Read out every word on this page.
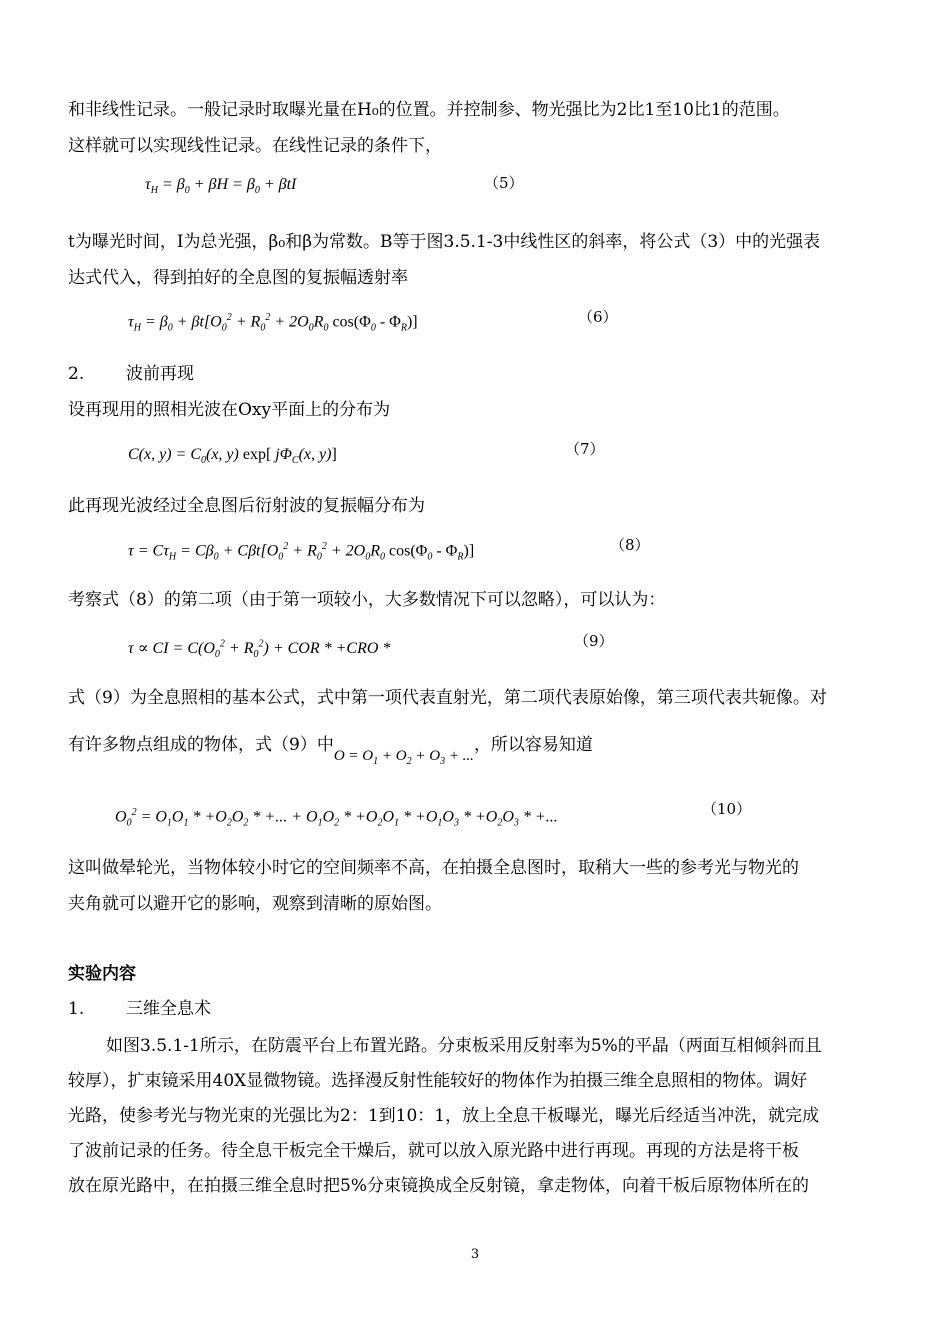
和非线性记录。一般记录时取曝光量在H₀的位置。并控制参、物光强比为2比1至10比1的范围。
这样就可以实现线性记录。在线性记录的条件下，
$\tau_H = \beta_0 + \beta H = \beta_0 + \beta tI$	（5）
t为曝光时间，I为总光强，β₀和β为常数。B等于图3.5.1-3中线性区的斜率，将公式（3）中的光强表
达式代入，得到拍好的全息图的复振幅透射率
$\tau_H = \beta_0 + \beta t[O_0^2 + R_0^2 + 2O_0R_0$ $\cos(\Phi_0 - \Phi_R)$]	（6）
2. 波前再现
设再现用的照相光波在Oxy平面上的分布为
C(x, $y) = C_0(x$, y) exp[ $j\Phi_C(x$, y)]	（7）
此再现光波经过全息图后衍射波的复振幅分布为
$\tau = C\tau_H = C\beta_0 + C\beta t[O_0^2 + R_0^2 + 2O_0R_0$ $\cos(\Phi_0 - \Phi_R)$]	（8）
考察式（8）的第二项（由于第一项较小，大多数情况下可以忽略），可以认为：
τ ∝ CI = $C(O_0^2 + R_0^2)$ + COR * +CRO *	（9）
式（9）为全息照相的基本公式，式中第一项代表直射光，第二项代表原始像，第三项代表共轭像。对
有许多物点组成的物体，式（9）中$O = O_1 + O_2 + O_3$ + ...，所以容易知道
$O_0^2 = O_1O_1 * +O_2O_2$ * +... + $O_1O_2 * +O_2O_1 * +O_1O_3 * +O_2O_3$ * +...	（10）
这叫做晕轮光，当物体较小时它的空间频率不高，在拍摄全息图时，取稍大一些的参考光与物光的
夹角就可以避开它的影响，观察到清晰的原始图。
实验内容
1. 三维全息术
如图3.5.1-1所示，在防震平台上布置光路。分束板采用反射率为5%的平晶（两面互相倾斜而且
较厚），扩束镜采用40X显微物镜。选择漫反射性能较好的物体作为拍摄三维全息照相的物体。调好
光路，使参考光与物光束的光强比为2：1到10：1，放上全息干板曝光，曝光后经适当冲洗，就完成
了波前记录的任务。待全息干板完全干燥后，就可以放入原光路中进行再现。再现的方法是将干板
放在原光路中，在拍摄三维全息时把5%分束镜换成全反射镜，拿走物体，向着干板后原物体所在的
3
